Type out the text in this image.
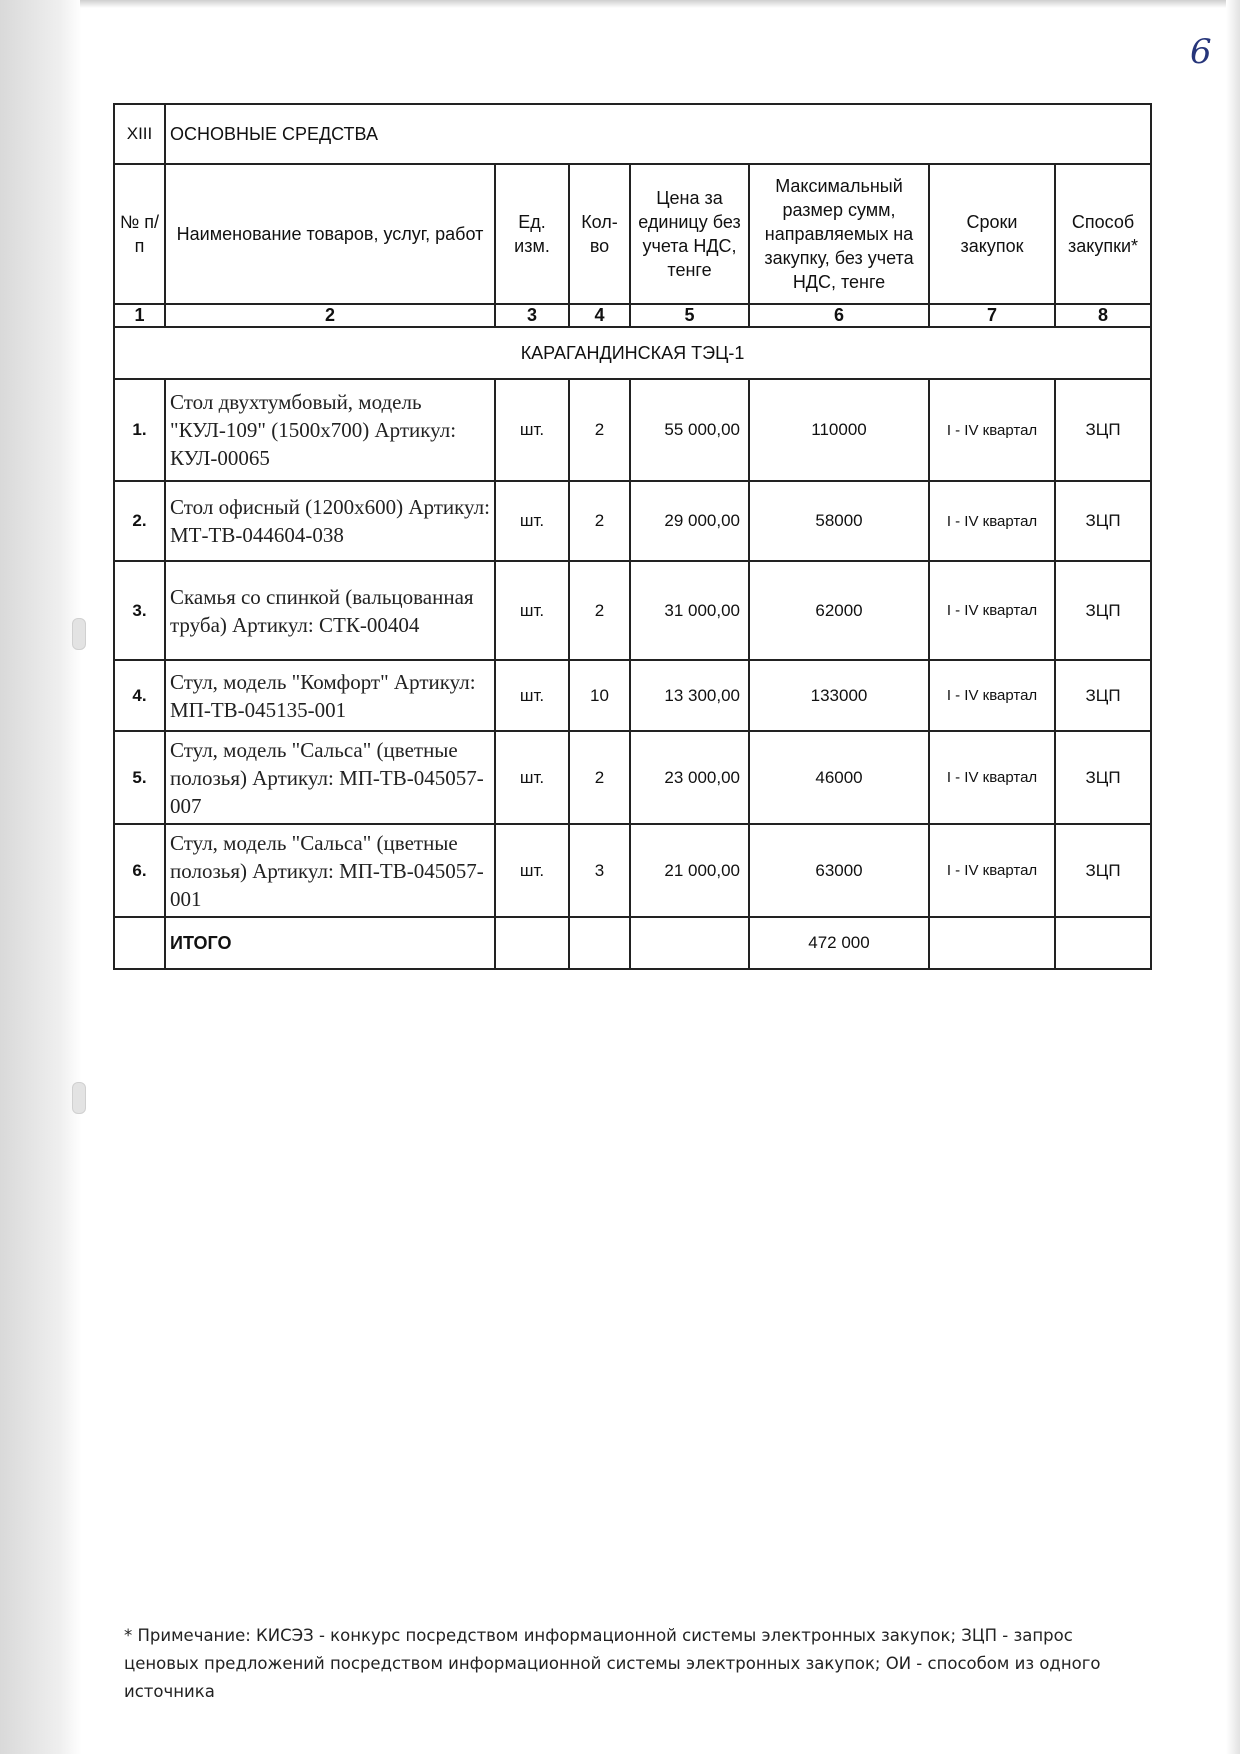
6
XIII	ОСНОВНЫЕ СРЕДСТВА						
№ п/п	Наименование товаров, услуг, работ	Ед. изм.	Кол-во	Цена за единицу без учета НДС, тенге	Максимальный размер сумм, направляемых на закупку, без учета НДС, тенге	Сроки закупок	Способ закупки*
1	2	3	4	5	6	7	8
КАРАГАНДИНСКАЯ ТЭЦ-1							
1.	Стол двухтумбовый, модель "КУЛ-109" (1500х700) Артикул: КУЛ-00065	шт.	2	55 000,00	110000	I - IV квартал	ЗЦП
2.	Стол офисный (1200х600) Артикул: МТ-ТВ-044604-038	шт.	2	29 000,00	58000	I - IV квартал	ЗЦП
3.	Скамья со спинкой (вальцованная труба) Артикул: СТК-00404	шт.	2	31 000,00	62000	I - IV квартал	ЗЦП
4.	Стул, модель "Комфорт" Артикул: МП-ТВ-045135-001	шт.	10	13 300,00	133000	I - IV квартал	ЗЦП
5.	Стул, модель "Сальса" (цветные полозья) Артикул: МП-ТВ-045057-007	шт.	2	23 000,00	46000	I - IV квартал	ЗЦП
6.	Стул, модель "Сальса" (цветные полозья) Артикул: МП-ТВ-045057-001	шт.	3	21 000,00	63000	I - IV квартал	ЗЦП
	ИТОГО				472 000		
* Примечание: КИСЭЗ - конкурс посредством информационной системы электронных закупок; ЗЦП - запрос ценовых предложений посредством информационной системы электронных закупок; ОИ - способом из одного источника
